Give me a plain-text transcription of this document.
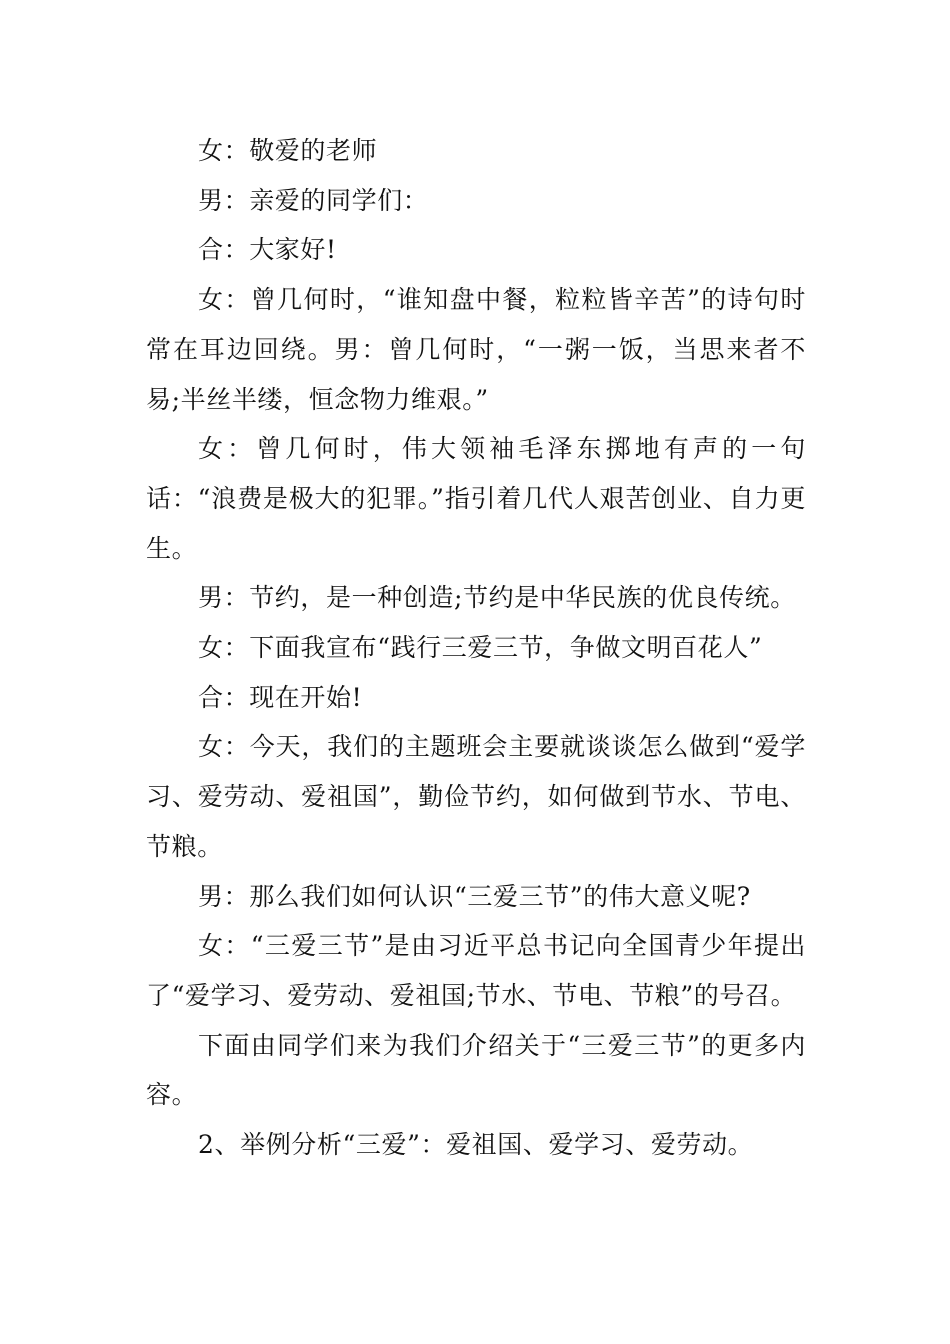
女：敬爱的老师

男：亲爱的同学们：

合：大家好!

女：曾几何时，“谁知盘中餐，粒粒皆辛苦”的诗句时常在耳边回绕。男：曾几何时，“一粥一饭，当思来者不易;半丝半缕，恒念物力维艰。”

女：曾几何时，伟大领袖毛泽东掷地有声的一句话：“浪费是极大的犯罪。”指引着几代人艰苦创业、自力更生。

男：节约，是一种创造;节约是中华民族的优良传统。

女：下面我宣布“践行三爱三节，争做文明百花人”

合：现在开始!

女：今天，我们的主题班会主要就谈谈怎么做到“爱学习、爱劳动、爱祖国”，勤俭节约，如何做到节水、节电、节粮。

男：那么我们如何认识“三爱三节”的伟大意义呢?

女：“三爱三节”是由习近平总书记向全国青少年提出了“爱学习、爱劳动、爱祖国;节水、节电、节粮”的号召。

下面由同学们来为我们介绍关于“三爱三节”的更多内容。

2、举例分析“三爱”：爱祖国、爱学习、爱劳动。
